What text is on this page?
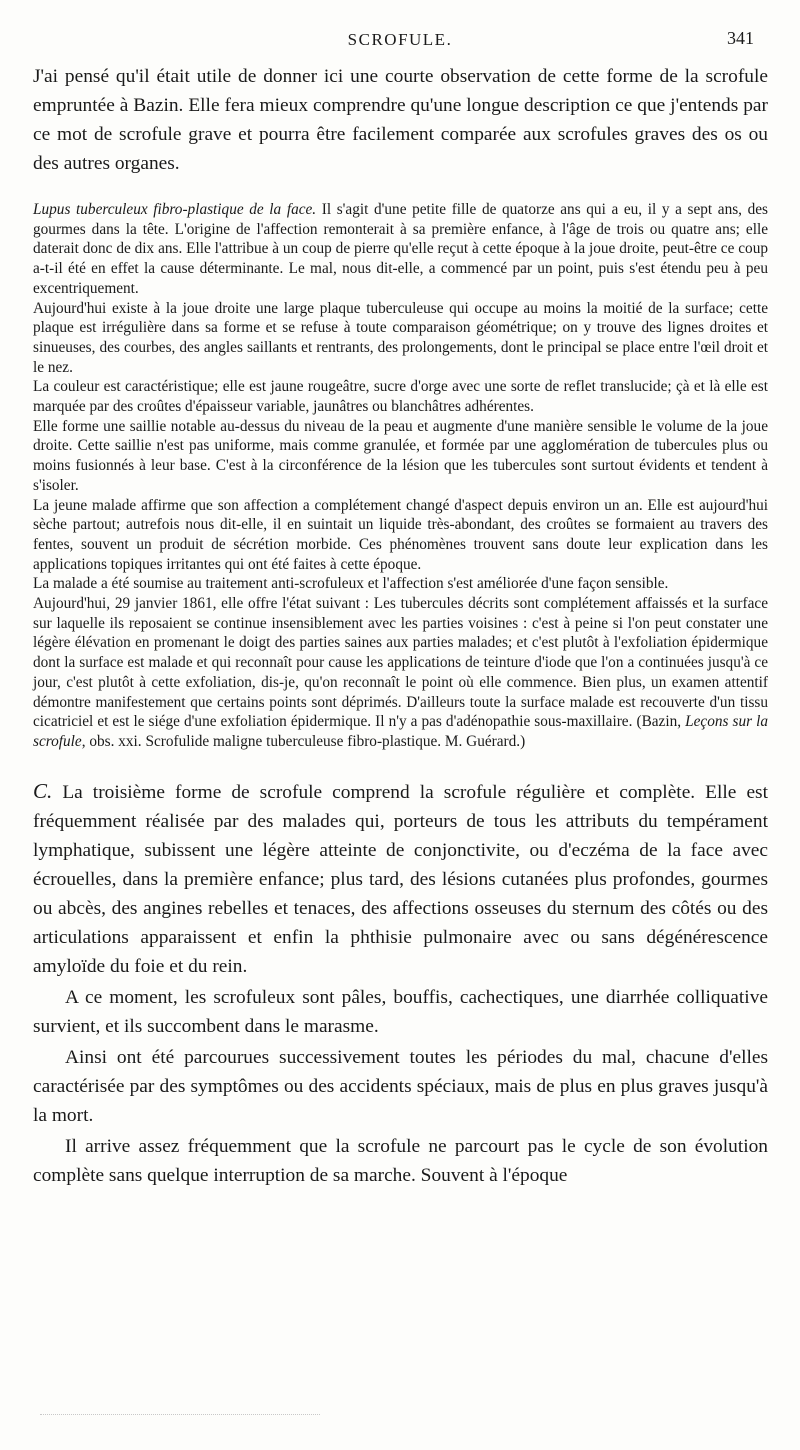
SCROFULE.	341

J'ai pensé qu'il était utile de donner ici une courte observation de cette forme de la scrofule empruntée à Bazin. Elle fera mieux comprendre qu'une longue description ce que j'entends par ce mot de scrofule grave et pourra être facilement comparée aux scrofules graves des os ou des autres organes.

Lupus tuberculeux fibro-plastique de la face. Il s'agit d'une petite fille de quatorze ans qui a eu, il y a sept ans, des gourmes dans la tête. L'origine de l'affection remonterait à sa première enfance, à l'âge de trois ou quatre ans; elle daterait donc de dix ans. Elle l'attribue à un coup de pierre qu'elle reçut à cette époque à la joue droite, peut-être ce coup a-t-il été en effet la cause déterminante. Le mal, nous dit-elle, a commencé par un point, puis s'est étendu peu à peu excentriquement.

Aujourd'hui existe à la joue droite une large plaque tuberculeuse qui occupe au moins la moitié de la surface; cette plaque est irrégulière dans sa forme et se refuse à toute comparaison géométrique; on y trouve des lignes droites et sinueuses, des courbes, des angles saillants et rentrants, des prolongements, dont le principal se place entre l'œil droit et le nez.

La couleur est caractéristique; elle est jaune rougeâtre, sucre d'orge avec une sorte de reflet translucide; çà et là elle est marquée par des croûtes d'épaisseur variable, jaunâtres ou blanchâtres adhérentes.

Elle forme une saillie notable au-dessus du niveau de la peau et augmente d'une manière sensible le volume de la joue droite. Cette saillie n'est pas uniforme, mais comme granulée, et formée par une agglomération de tubercules plus ou moins fusionnés à leur base. C'est à la circonférence de la lésion que les tubercules sont surtout évidents et tendent à s'isoler.

La jeune malade affirme que son affection a complétement changé d'aspect depuis environ un an. Elle est aujourd'hui sèche partout; autrefois nous dit-elle, il en suintait un liquide très-abondant, des croûtes se formaient au travers des fentes, souvent un produit de sécrétion morbide. Ces phénomènes trouvent sans doute leur explication dans les applications topiques irritantes qui ont été faites à cette époque.

La malade a été soumise au traitement anti-scrofuleux et l'affection s'est améliorée d'une façon sensible.

Aujourd'hui, 29 janvier 1861, elle offre l'état suivant : Les tubercules décrits sont complétement affaissés et la surface sur laquelle ils reposaient se continue insensiblement avec les parties voisines : c'est à peine si l'on peut constater une légère élévation en promenant le doigt des parties saines aux parties malades; et c'est plutôt à l'exfoliation épidermique dont la surface est malade et qui reconnaît pour cause les applications de teinture d'iode que l'on a continuées jusqu'à ce jour, c'est plutôt à cette exfoliation, dis-je, qu'on reconnaît le point où elle commence. Bien plus, un examen attentif démontre manifestement que certains points sont déprimés. D'ailleurs toute la surface malade est recouverte d'un tissu cicatriciel et est le siége d'une exfoliation épidermique. Il n'y a pas d'adénopathie sous-maxillaire. (Bazin, Leçons sur la scrofule, obs. xxi. Scrofulide maligne tuberculeuse fibro-plastique. M. Guérard.)

C. La troisième forme de scrofule comprend la scrofule régulière et complète. Elle est fréquemment réalisée par des malades qui, porteurs de tous les attributs du tempérament lymphatique, subissent une légère atteinte de conjonctivite, ou d'eczéma de la face avec écrouelles, dans la première enfance; plus tard, des lésions cutanées plus profondes, gourmes ou abcès, des angines rebelles et tenaces, des affections osseuses du sternum des côtés ou des articulations apparaissent et enfin la phthisie pulmonaire avec ou sans dégénérescence amyloïde du foie et du rein.

A ce moment, les scrofuleux sont pâles, bouffis, cachectiques, une diarrhée colliquative survient, et ils succombent dans le marasme.

Ainsi ont été parcourues successivement toutes les périodes du mal, chacune d'elles caractérisée par des symptômes ou des accidents spéciaux, mais de plus en plus graves jusqu'à la mort.

Il arrive assez fréquemment que la scrofule ne parcourt pas le cycle de son évolution complète sans quelque interruption de sa marche. Souvent à l'époque
